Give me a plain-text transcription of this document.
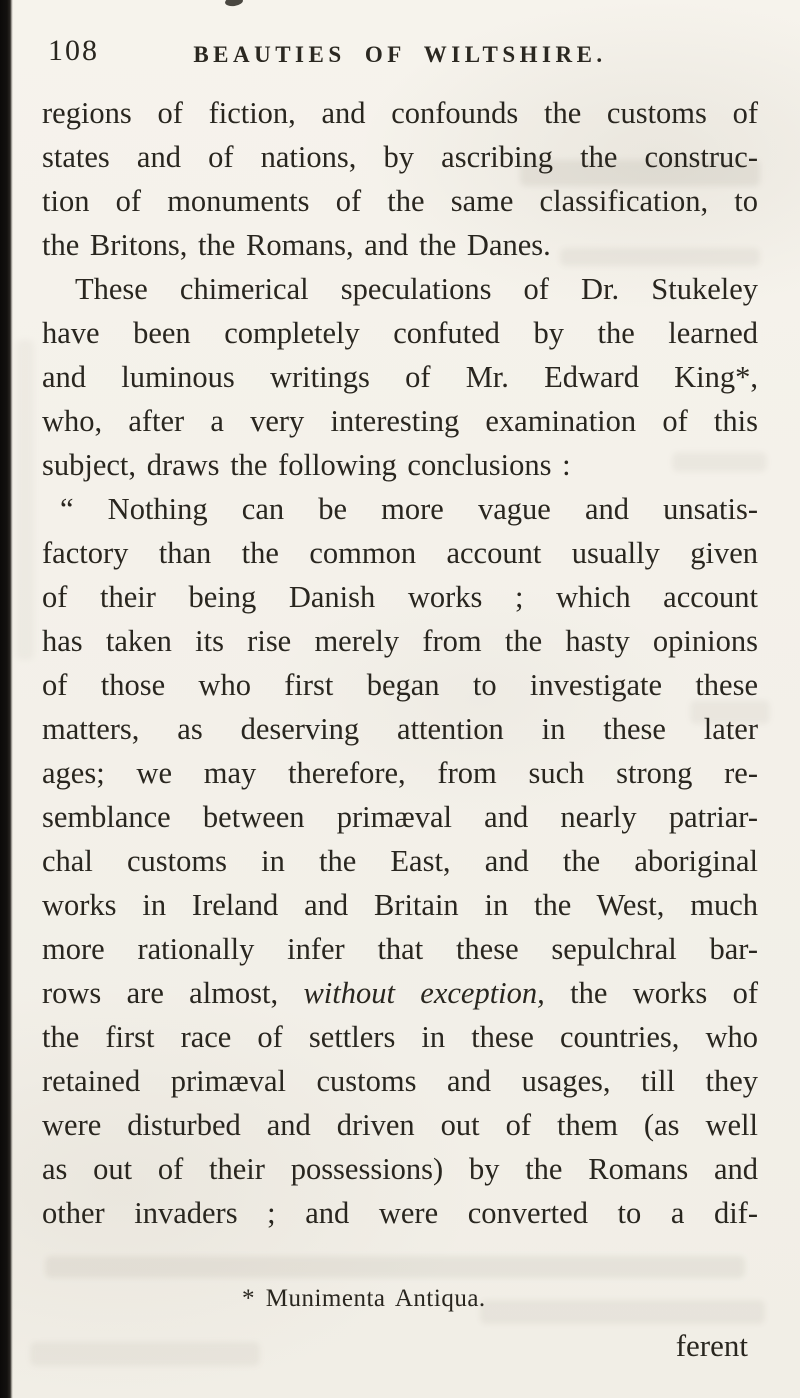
108	BEAUTIES OF WILTSHIRE.
regions of fiction, and confounds the customs of
states and of nations, by ascribing the construc-
tion of monuments of the same classification, to
the Britons, the Romans, and the Danes.
These chimerical speculations of Dr. Stukeley
have been completely confuted by the learned
and luminous writings of Mr. Edward King*,
who, after a very interesting examination of this
subject, draws the following conclusions :
“ Nothing can be more vague and unsatis-
factory than the common account usually given
of their being Danish works ; which account
has taken its rise merely from the hasty opinions
of those who first began to investigate these
matters, as deserving attention in these later
ages; we may therefore, from such strong re-
semblance between primæval and nearly patriar-
chal customs in the East, and the aboriginal
works in Ireland and Britain in the West, much
more rationally infer that these sepulchral bar-
rows are almost, without exception, the works of
the first race of settlers in these countries, who
retained primæval customs and usages, till they
were disturbed and driven out of them (as well
as out of their possessions) by the Romans and
other invaders ; and were converted to a dif-
* Munimenta Antiqua.
ferent
